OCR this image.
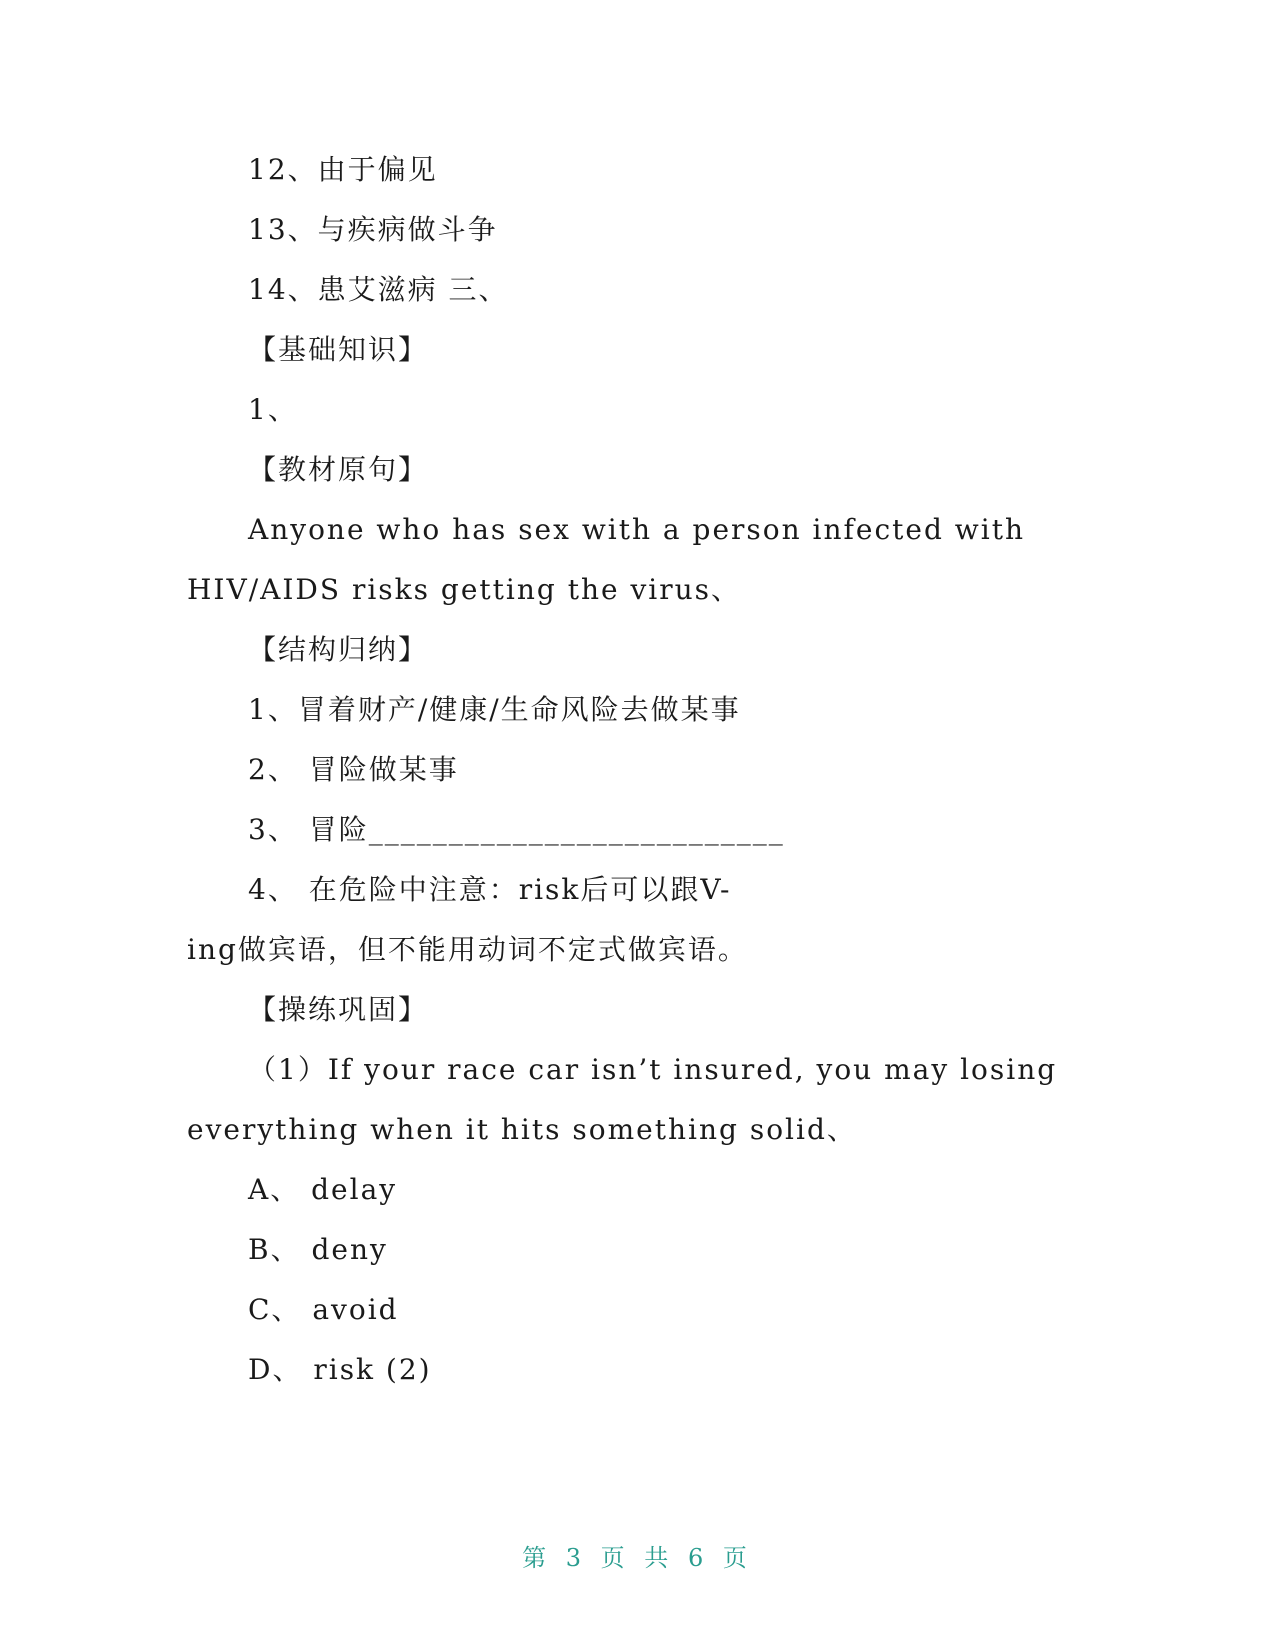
12、由于偏见
13、与疾病做斗争
14、患艾滋病 三、
【基础知识】
1、
【教材原句】
Anyone who has sex with a person infected with
HIV/AIDS risks getting the virus、
【结构归纳】
1、冒着财产/健康/生命风险去做某事
2、 冒险做某事
3、 冒险__________________________
4、 在危险中注意：risk后可以跟V-
ing做宾语，但不能用动词不定式做宾语。
【操练巩固】
（1）If your race car isn’t insured, you may losing
everything when it hits something solid、
A、 delay
B、 deny
C、 avoid
D、 risk (2)
第 3 页 共 6 页
